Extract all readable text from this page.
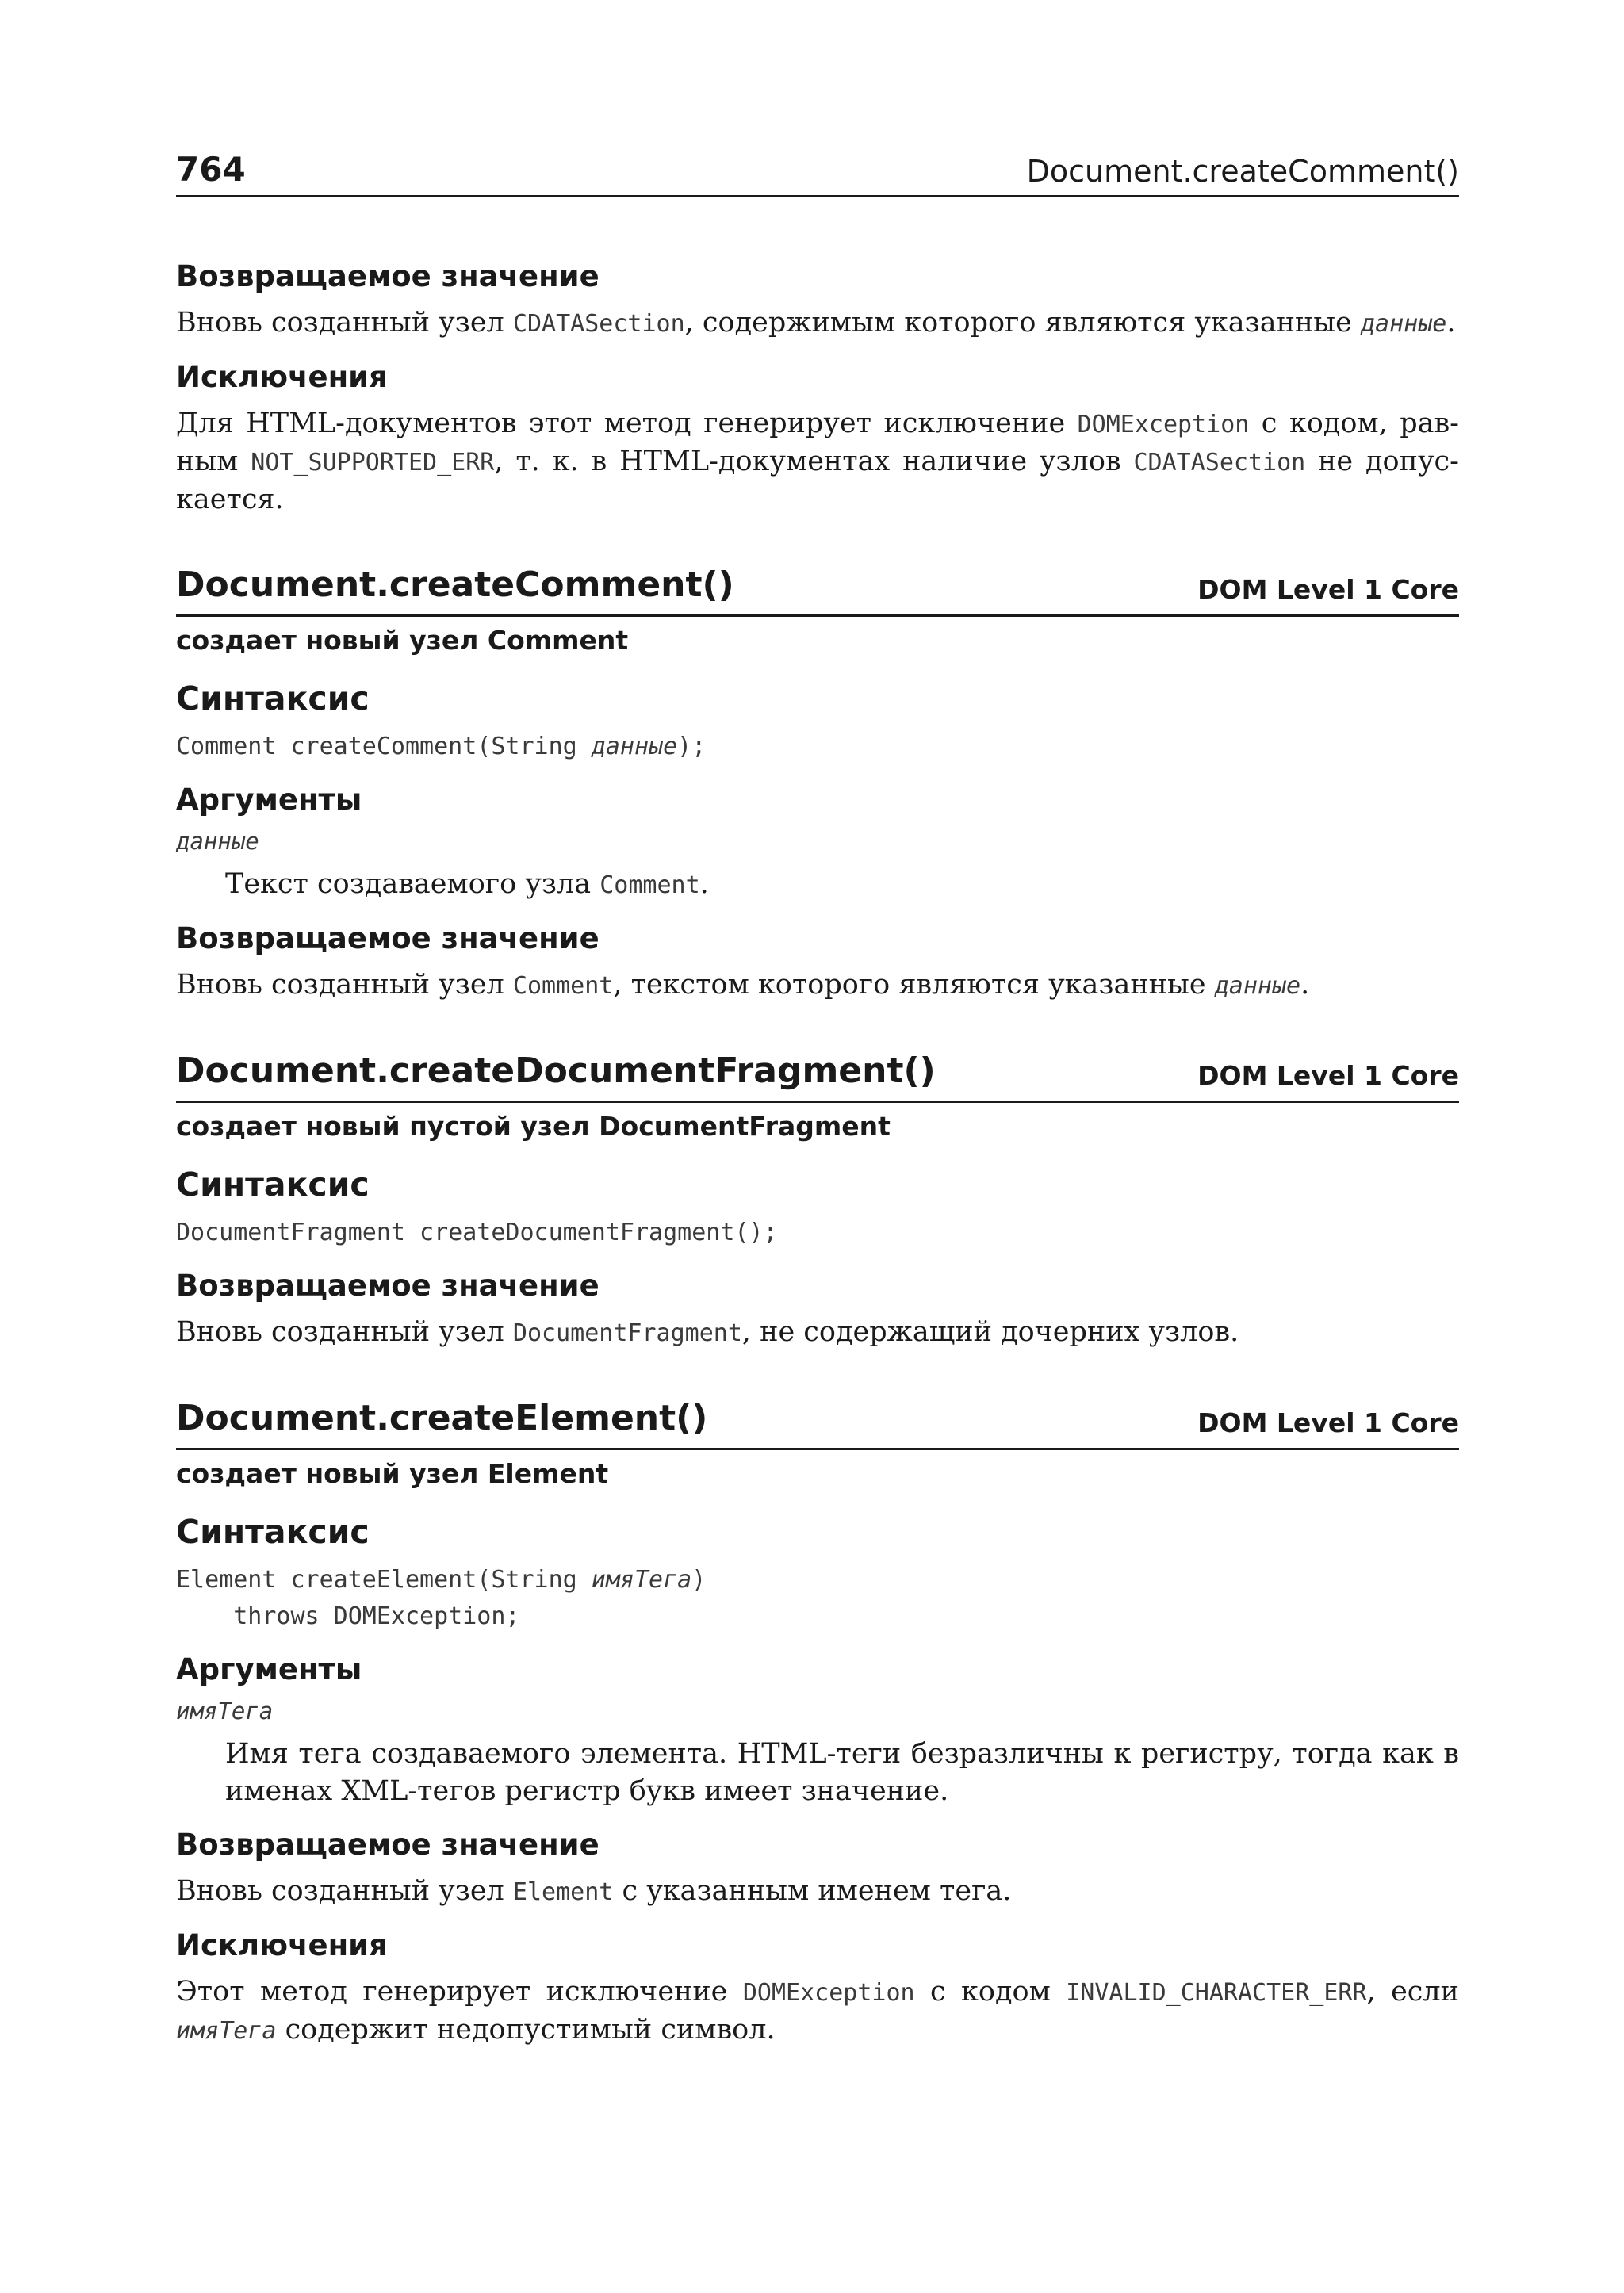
764	Document.createComment()
Возвращаемое значение

Вновь созданный узел CDATASection, содержимым которого являются указанные данные.

Исключения

Для HTML-документов этот метод генерирует исключение DOMException с кодом, равным NOT_SUPPORTED_ERR, т. к. в HTML-документах наличие узлов CDATASection не допускается.

Document.createComment()	DOM Level 1 Core
создает новый узел Comment
Синтаксис

Comment createComment(String данные);

Аргументы
данные

Текст создаваемого узла Comment.

Возвращаемое значение

Вновь созданный узел Comment, текстом которого являются указанные данные.

Document.createDocumentFragment()	DOM Level 1 Core
создает новый пустой узел DocumentFragment
Синтаксис

DocumentFragment createDocumentFragment();

Возвращаемое значение

Вновь созданный узел DocumentFragment, не содержащий дочерних узлов.

Document.createElement()	DOM Level 1 Core
создает новый узел Element
Синтаксис

Element createElement(String имяТега)

throws DOMException;

Аргументы
имяТега

Имя тега создаваемого элемента. HTML-теги безразличны к регистру, тогда как в именах XML-тегов регистр букв имеет значение.

Возвращаемое значение

Вновь созданный узел Element с указанным именем тега.

Исключения

Этот метод генерирует исключение DOMException с кодом INVALID_CHARACTER_ERR, если имяТега содержит недопустимый символ.
